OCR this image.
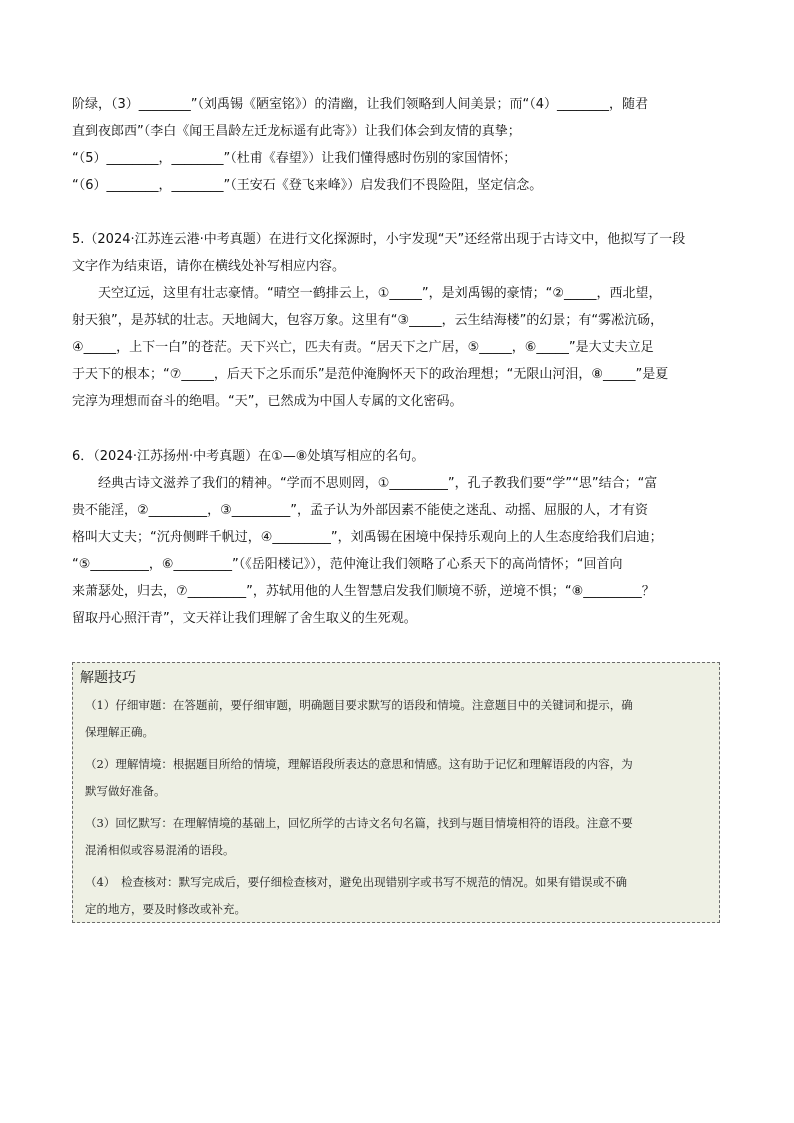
阶绿，（3）________”（刘禹锡《陋室铭》）的清幽，让我们领略到人间美景；而“（4）________，随君
直到夜郎西”（李白《闻王昌龄左迁龙标遥有此寄》）让我们体会到友情的真挚；
“（5）________，________”（杜甫《春望》）让我们懂得感时伤别的家国情怀；
“（6）________，________”（王安石《登飞来峰》）启发我们不畏险阻，坚定信念。
5.（2024·江苏连云港·中考真题）在进行文化探源时，小宇发现“天”还经常出现于古诗文中，他拟写了一段
文字作为结束语，请你在横线处补写相应内容。
天空辽远，这里有壮志豪情。“晴空一鹤排云上，①_____”，是刘禹锡的豪情；“②_____，西北望，
射天狼”，是苏轼的壮志。天地阔大，包容万象。这里有“③_____，云生结海楼”的幻景；有“雾凇沆砀，
④_____，上下一白”的苍茫。天下兴亡，匹夫有责。“居天下之广居，⑤_____，⑥_____”是大丈夫立足
于天下的根本；“⑦_____，后天下之乐而乐”是范仲淹胸怀天下的政治理想；“无限山河泪，⑧_____”是夏
完淳为理想而奋斗的绝唱。“天”，已然成为中国人专属的文化密码。
6．（2024·江苏扬州·中考真题）在①—⑧处填写相应的名句。
经典古诗文滋养了我们的精神。“学而不思则罔，①_________”，孔子教我们要“学”“思”结合；“富
贵不能淫，②_________，③_________”，孟子认为外部因素不能使之迷乱、动摇、屈服的人，才有资
格叫大丈夫；“沉舟侧畔千帆过，④_________”，刘禹锡在困境中保持乐观向上的人生态度给我们启迪；
“⑤_________，⑥_________”（《岳阳楼记》），范仲淹让我们领略了心系天下的高尚情怀；“回首向
来萧瑟处，归去，⑦_________”，苏轼用他的人生智慧启发我们顺境不骄，逆境不惧；“⑧_________？
留取丹心照汗青”，文天祥让我们理解了舍生取义的生死观。
解题技巧
（1）仔细审题：在答题前，要仔细审题，明确题目要求默写的语段和情境。注意题目中的关键词和提示，确
保理解正确。
（2）理解情境：根据题目所给的情境，理解语段所表达的意思和情感。这有助于记忆和理解语段的内容，为
默写做好准备。
（3）回忆默写：在理解情境的基础上，回忆所学的古诗文名句名篇，找到与题目情境相符的语段。注意不要
混淆相似或容易混淆的语段。
（4）　检查核对：默写完成后，要仔细检查核对，避免出现错别字或书写不规范的情况。如果有错误或不确
定的地方，要及时修改或补充。
